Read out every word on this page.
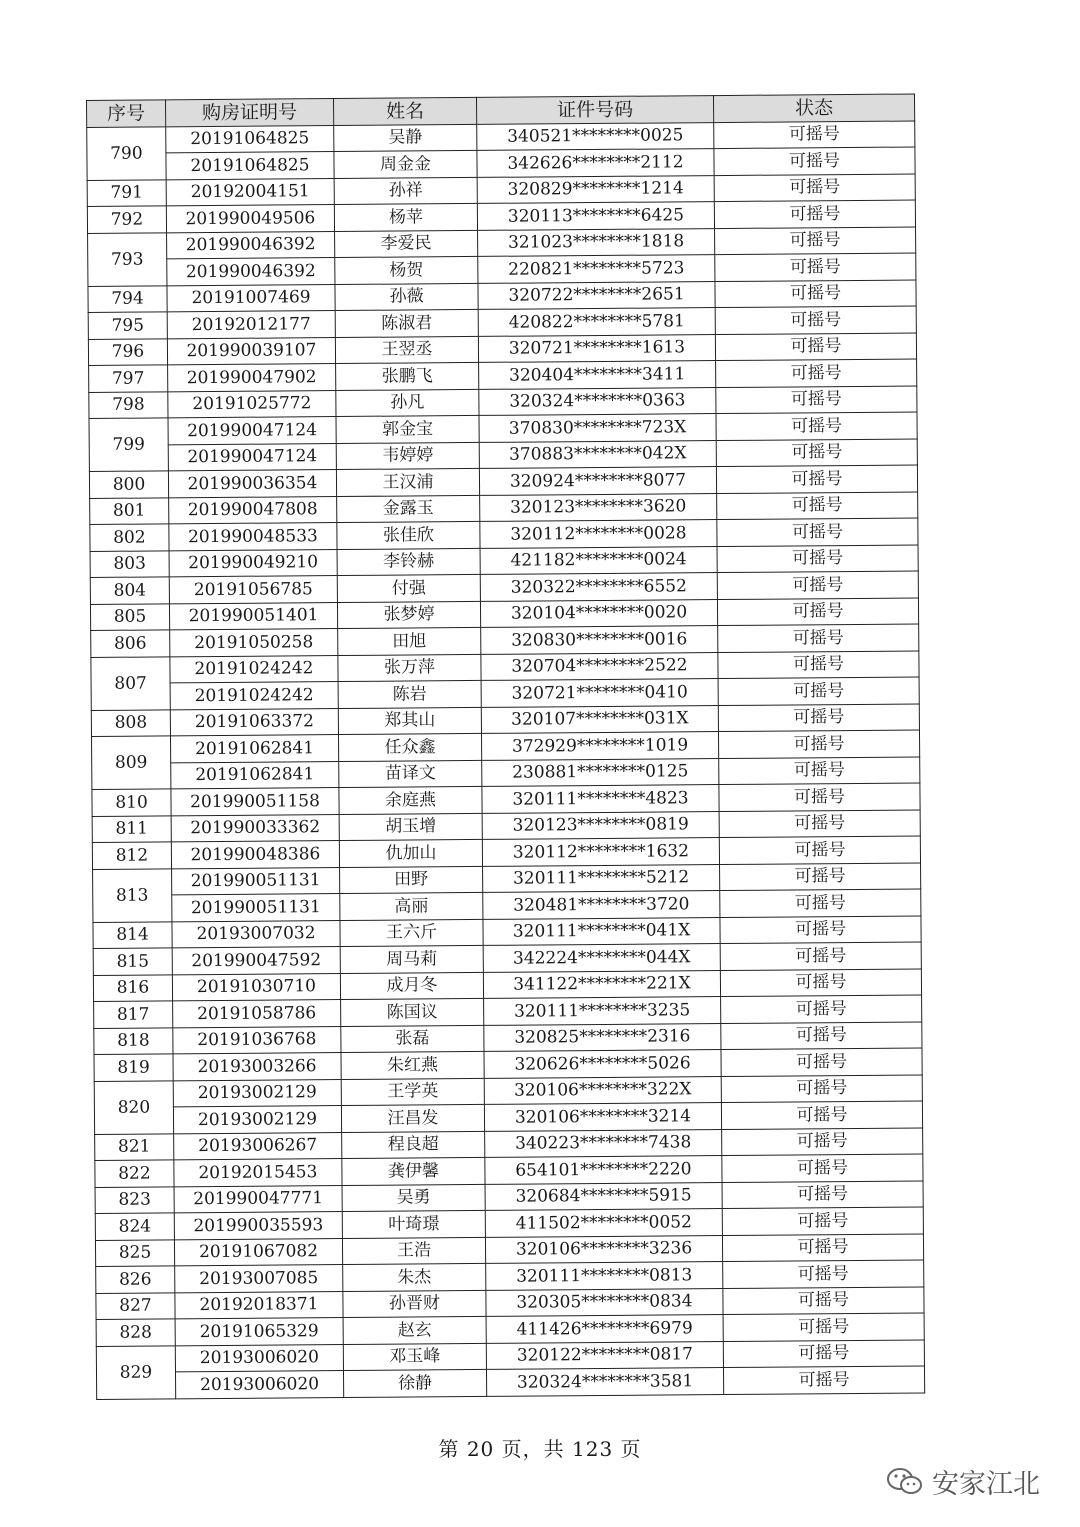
序号	购房证明号	姓名	证件号码	状态
790	20191064825	吴静	340521********0025	可摇号
	20191064825	周金金	342626********2112	可摇号
791	20192004151	孙祥	320829********1214	可摇号
792	201990049506	杨苹	320113********6425	可摇号
793	201990046392	李爱民	321023********1818	可摇号
	201990046392	杨贺	220821********5723	可摇号
794	20191007469	孙薇	320722********2651	可摇号
795	20192012177	陈淑君	420822********5781	可摇号
796	201990039107	王翌丞	320721********1613	可摇号
797	201990047902	张鹏飞	320404********3411	可摇号
798	20191025772	孙凡	320324********0363	可摇号
799	201990047124	郭金宝	370830********723X	可摇号
	201990047124	韦婷婷	370883********042X	可摇号
800	201990036354	王汉浦	320924********8077	可摇号
801	201990047808	金露玉	320123********3620	可摇号
802	201990048533	张佳欣	320112********0028	可摇号
803	201990049210	李铃赫	421182********0024	可摇号
804	20191056785	付强	320322********6552	可摇号
805	201990051401	张梦婷	320104********0020	可摇号
806	20191050258	田旭	320830********0016	可摇号
807	20191024242	张万萍	320704********2522	可摇号
	20191024242	陈岩	320721********0410	可摇号
808	20191063372	郑其山	320107********031X	可摇号
809	20191062841	任众鑫	372929********1019	可摇号
	20191062841	苗译文	230881********0125	可摇号
810	201990051158	余庭燕	320111********4823	可摇号
811	201990033362	胡玉增	320123********0819	可摇号
812	201990048386	仇加山	320112********1632	可摇号
813	201990051131	田野	320111********5212	可摇号
	201990051131	高丽	320481********3720	可摇号
814	20193007032	王六斤	320111********041X	可摇号
815	201990047592	周马莉	342224********044X	可摇号
816	20191030710	成月冬	341122********221X	可摇号
817	20191058786	陈国议	320111********3235	可摇号
818	20191036768	张磊	320825********2316	可摇号
819	20193003266	朱红燕	320626********5026	可摇号
820	20193002129	王学英	320106********322X	可摇号
	20193002129	汪昌发	320106********3214	可摇号
821	20193006267	程良超	340223********7438	可摇号
822	20192015453	龚伊馨	654101********2220	可摇号
823	201990047771	吴勇	320684********5915	可摇号
824	201990035593	叶琦璟	411502********0052	可摇号
825	20191067082	王浩	320106********3236	可摇号
826	20193007085	朱杰	320111********0813	可摇号
827	20192018371	孙晋财	320305********0834	可摇号
828	20191065329	赵玄	411426********6979	可摇号
829	20193006020	邓玉峰	320122********0817	可摇号
	20193006020	徐静	320324********3581	可摇号
第 20 页，共 123 页
安家江北
